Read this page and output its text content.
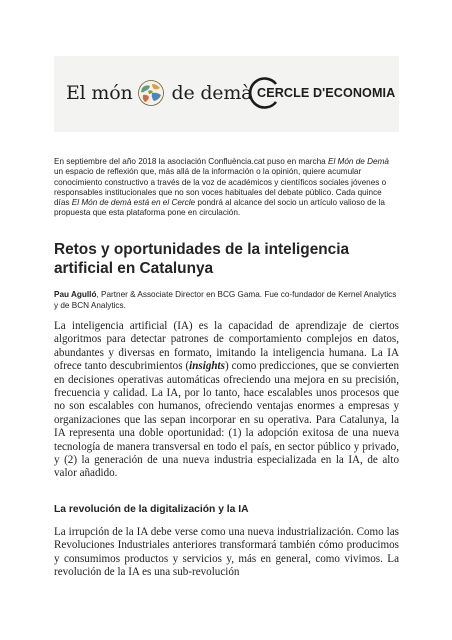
El món de demà CERCLE D'ECONOMIA

En septiembre del año 2018 la asociación Confluència.cat puso en marcha El Món de Demà un espacio de reflexión que, más allá de la información o la opinión, quiere acumular conocimiento constructivo a través de la voz de académicos y científicos sociales jóvenes o responsables institucionales que no son voces habituales del debate público. Cada quince días El Món de demà está en el Cercle pondrá al alcance del socio un artículo valioso de la propuesta que esta plataforma pone en circulación.

Retos y oportunidades de la inteligencia artificial en Catalunya

Pau Agulló, Partner & Associate Director en BCG Gama. Fue co-fundador de Kernel Analytics y de BCN Analytics.

La inteligencia artificial (IA) es la capacidad de aprendizaje de ciertos algoritmos para detectar patrones de comportamiento complejos en datos, abundantes y diversas en formato, imitando la inteligencia humana. La IA ofrece tanto descubrimientos (insights) como predicciones, que se convierten en decisiones operativas automáticas ofreciendo una mejora en su precisión, frecuencia y calidad. La IA, por lo tanto, hace escalables unos procesos que no son escalables con humanos, ofreciendo ventajas enormes a empresas y organizaciones que las sepan incorporar en su operativa. Para Catalunya, la IA representa una doble oportunidad: (1) la adopción exitosa de una nueva tecnología de manera transversal en todo el país, en sector público y privado, y (2) la generación de una nueva industria especializada en la IA, de alto valor añadido.

La revolución de la digitalización y la IA

La irrupción de la IA debe verse como una nueva industrialización. Como las Revoluciones Industriales anteriores transformará también cómo producimos y consumimos productos y servicios y, más en general, como vivimos. La revolución de la IA es una sub-revolución
